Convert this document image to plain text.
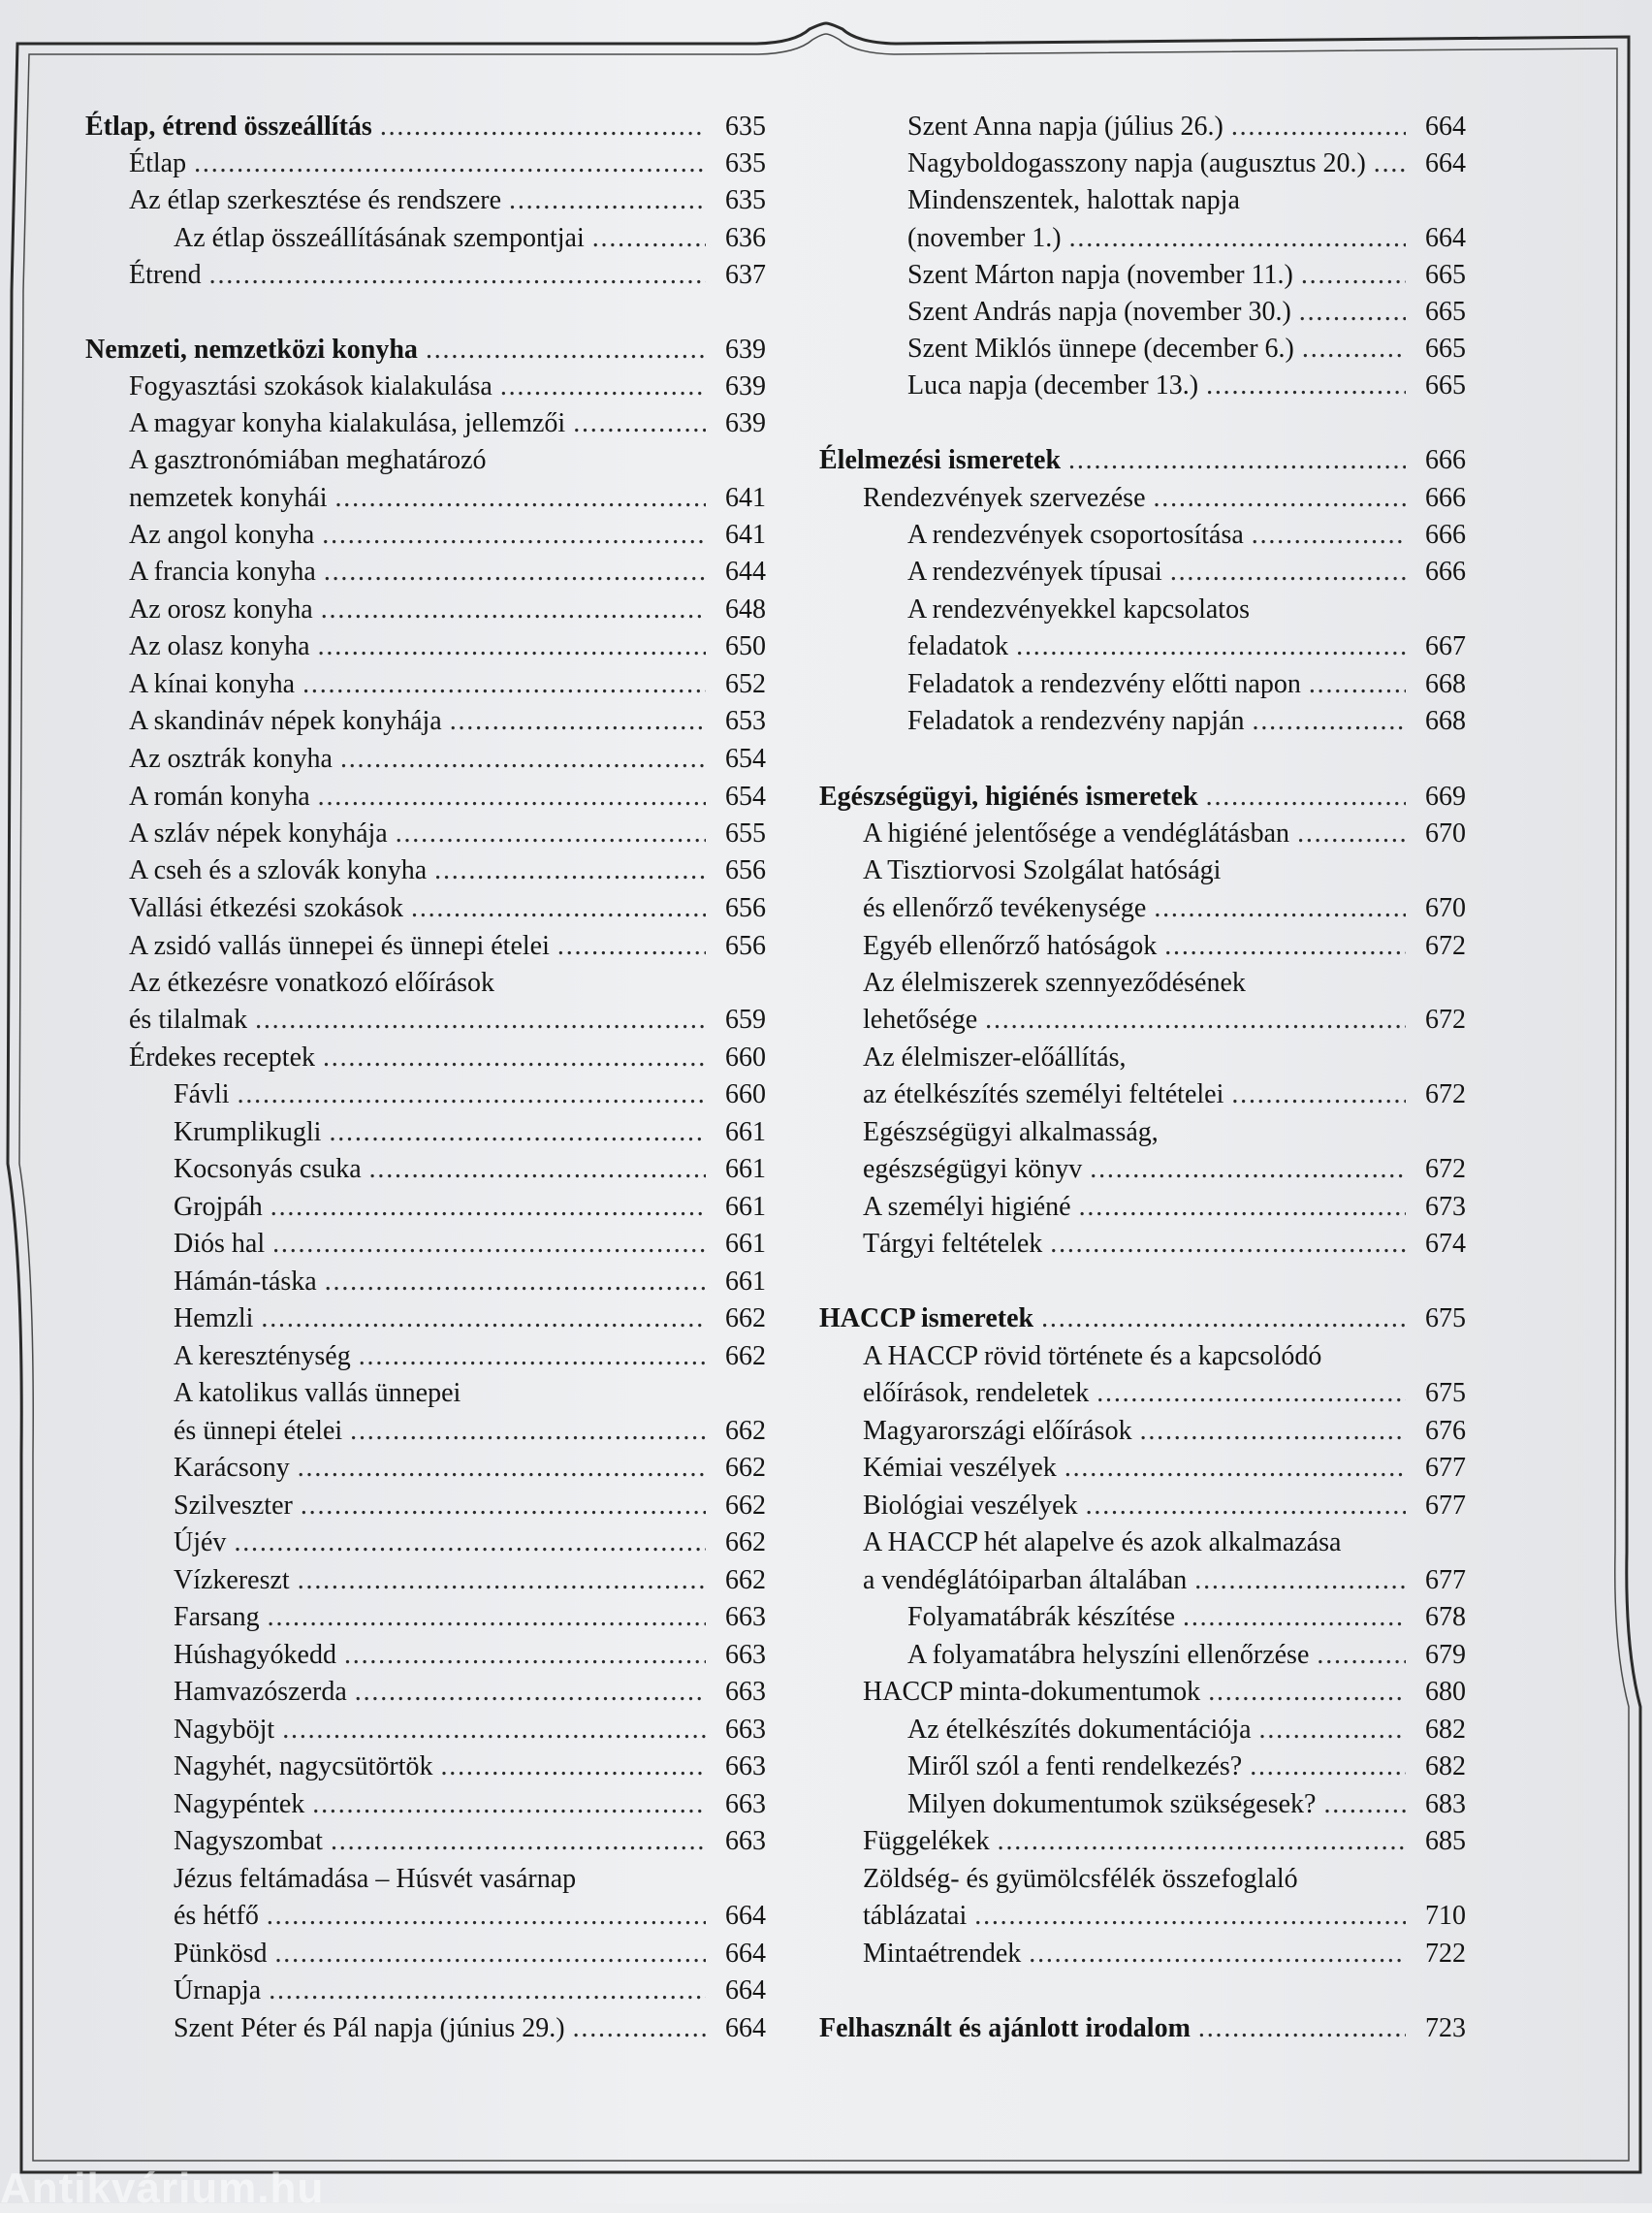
Étlap, étrend összeállítás .....	635
Étlap .....	635
Az étlap szerkesztése és rendszere .....	635
Az étlap összeállításának szempontjai .....	636
Étrend .....	637
Nemzeti, nemzetközi konyha .....	639
Fogyasztási szokások kialakulása .....	639
A magyar konyha kialakulása, jellemzői .....	639
A gasztronómiában meghatározó
nemzetek konyhái .....	641
Az angol konyha .....	641
A francia konyha .....	644
Az orosz konyha .....	648
Az olasz konyha .....	650
A kínai konyha .....	652
A skandináv népek konyhája .....	653
Az osztrák konyha .....	654
A román konyha .....	654
A szláv népek konyhája .....	655
A cseh és a szlovák konyha .....	656
Vallási étkezési szokások .....	656
A zsidó vallás ünnepei és ünnepi ételei .....	656
Az étkezésre vonatkozó előírások
és tilalmak .....	659
Érdekes receptek .....	660
Fávli .....	660
Krumplikugli .....	661
Kocsonyás csuka .....	661
Grojpáh .....	661
Diós hal .....	661
Hámán-táska .....	661
Hemzli .....	662
A kereszténység .....	662
A katolikus vallás ünnepei
és ünnepi ételei .....	662
Karácsony .....	662
Szilveszter .....	662
Újév .....	662
Vízkereszt .....	662
Farsang .....	663
Húshagyókedd .....	663
Hamvazószerda .....	663
Nagyböjt .....	663
Nagyhét, nagycsütörtök .....	663
Nagypéntek .....	663
Nagyszombat .....	663
Jézus feltámadása – Húsvét vasárnap
és hétfő .....	664
Pünkösd .....	664
Úrnapja .....	664
Szent Péter és Pál napja (június 29.) .....	664
Szent Anna napja (július 26.) .....	664
Nagyboldogasszony napja (augusztus 20.) .....	664
Mindenszentek, halottak napja
(november 1.) .....	664
Szent Márton napja (november 11.) .....	665
Szent András napja (november 30.) .....	665
Szent Miklós ünnepe (december 6.) .....	665
Luca napja (december 13.) .....	665
Élelmezési ismeretek .....	666
Rendezvények szervezése .....	666
A rendezvények csoportosítása .....	666
A rendezvények típusai .....	666
A rendezvényekkel kapcsolatos
feladatok .....	667
Feladatok a rendezvény előtti napon .....	668
Feladatok a rendezvény napján .....	668
Egészségügyi, higiénés ismeretek .....	669
A higiéné jelentősége a vendéglátásban .....	670
A Tisztiorvosi Szolgálat hatósági
és ellenőrző tevékenysége .....	670
Egyéb ellenőrző hatóságok .....	672
Az élelmiszerek szennyeződésének
lehetősége .....	672
Az élelmiszer-előállítás,
az ételkészítés személyi feltételei .....	672
Egészségügyi alkalmasság,
egészségügyi könyv .....	672
A személyi higiéné .....	673
Tárgyi feltételek .....	674
HACCP ismeretek .....	675
A HACCP rövid története és a kapcsolódó
előírások, rendeletek .....	675
Magyarországi előírások .....	676
Kémiai veszélyek .....	677
Biológiai veszélyek .....	677
A HACCP hét alapelve és azok alkalmazása
a vendéglátóiparban általában .....	677
Folyamatábrák készítése .....	678
A folyamatábra helyszíni ellenőrzése .....	679
HACCP minta-dokumentumok .....	680
Az ételkészítés dokumentációja .....	682
Miről szól a fenti rendelkezés? .....	682
Milyen dokumentumok szükségesek? .....	683
Függelékek .....	685
Zöldség- és gyümölcsfélék összefoglaló
táblázatai .....	710
Mintaétrendek .....	722
Felhasznált és ajánlott irodalom .....	723
Antikvárium.hu
